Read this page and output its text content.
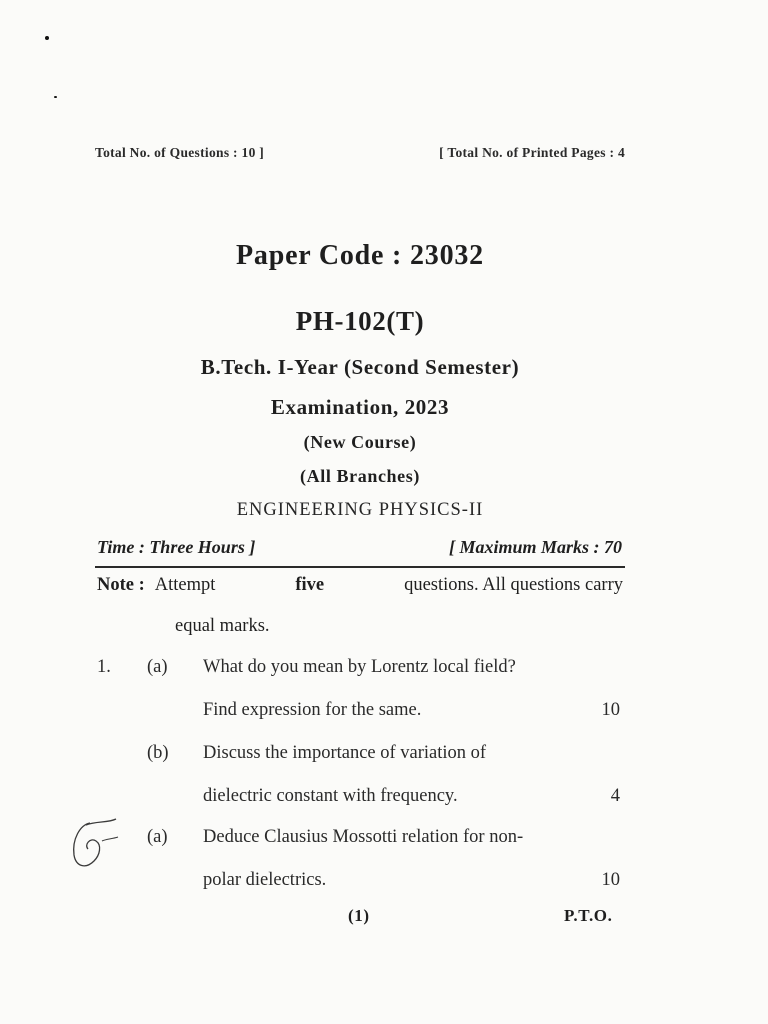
Total No. of Questions : 10 ]	[ Total No. of Printed Pages : 4
Paper Code : 23032
PH-102(T)
B.Tech. I-Year (Second Semester)
Examination, 2023
(New Course)
(All Branches)
ENGINEERING PHYSICS-II
Time : Three Hours ]	[ Maximum Marks : 70
Note : Attempt	five	questions. All questions carry
equal marks.
1. (a) What do you mean by Lorentz local field?
Find expression for the same.	10
(b) Discuss the importance of variation of
dielectric constant with frequency.	4
(a) Deduce Clausius Mossotti relation for non-
polar dielectrics.	10
(1)	P.T.O.
